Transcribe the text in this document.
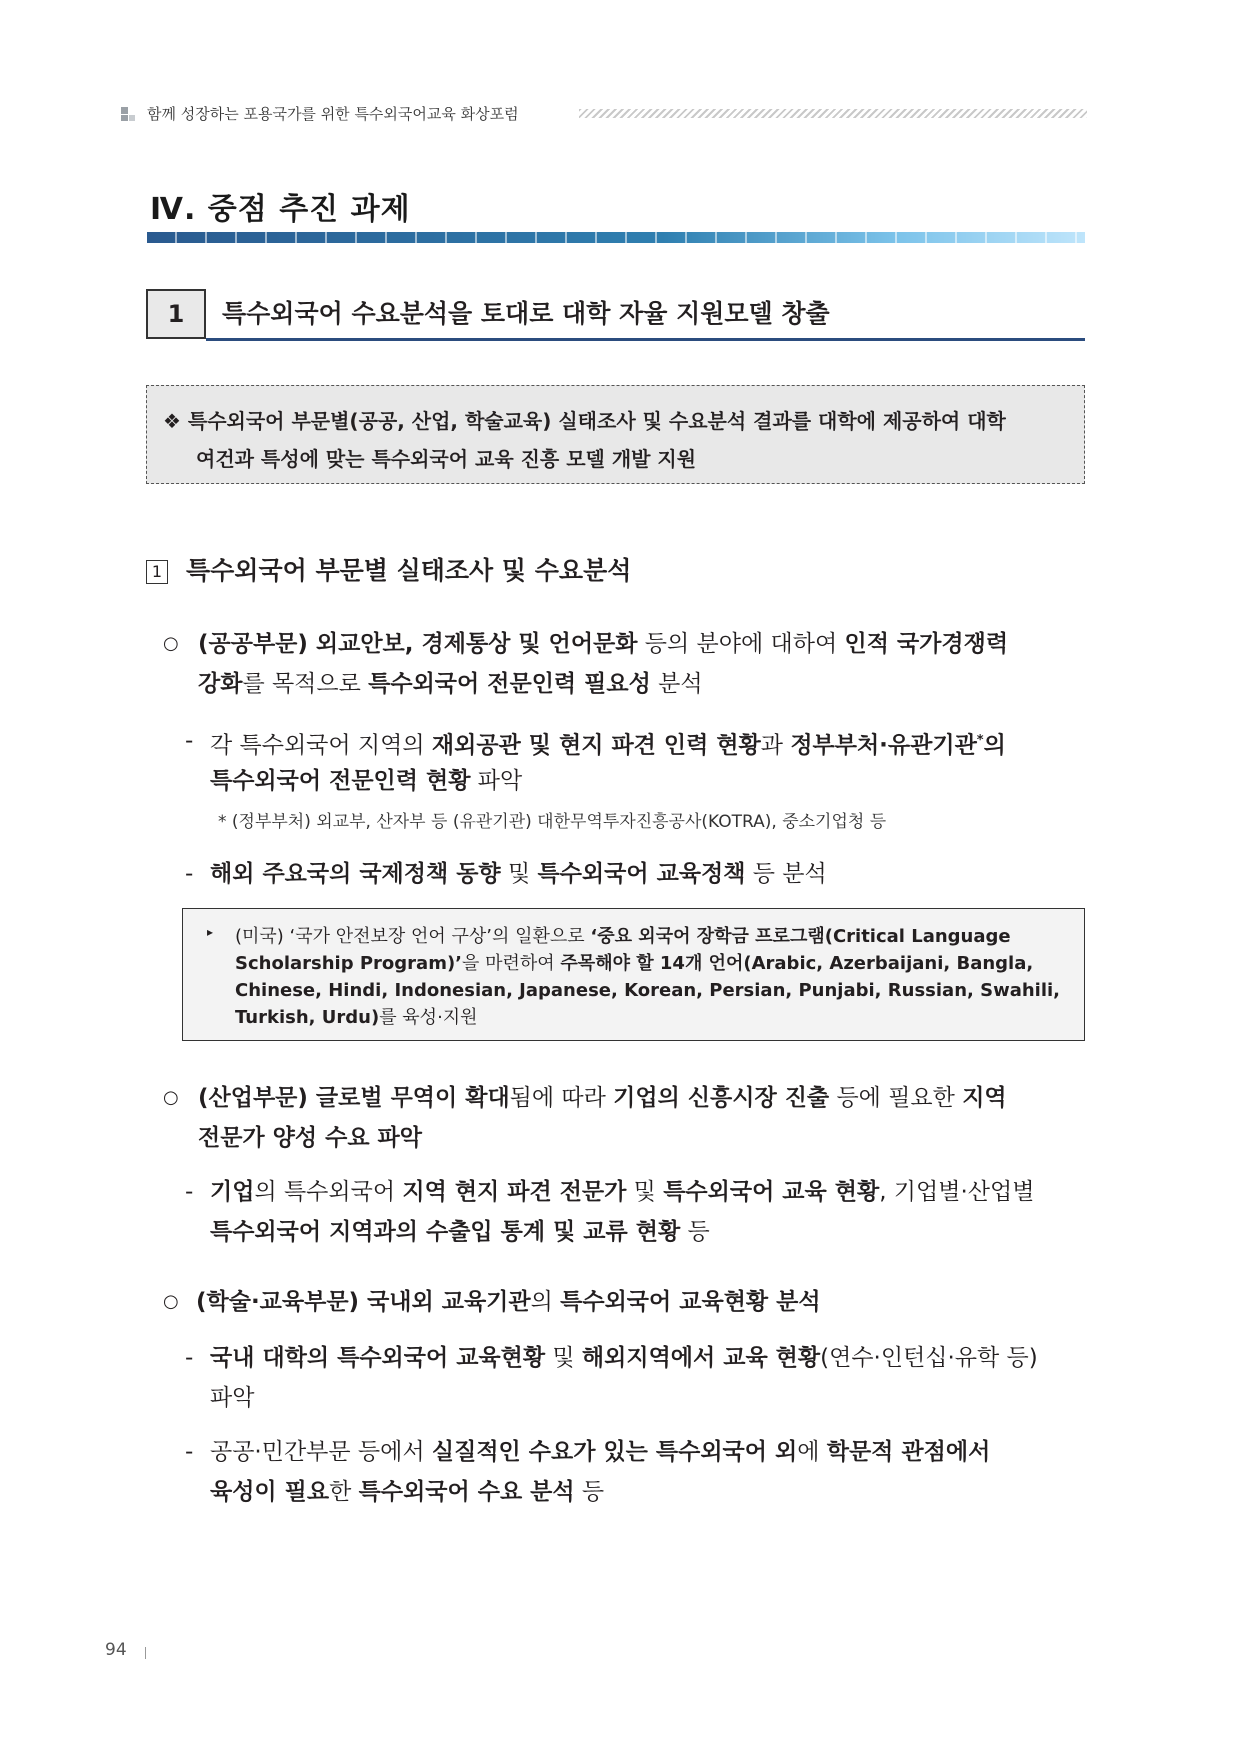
함께 성장하는 포용국가를 위한 특수외국어교육 화상포럼
Ⅳ. 중점 추진 과제
1 특수외국어 수요분석을 토대로 대학 자율 지원모델 창출
❖ 특수외국어 부문별(공공, 산업, 학술교육) 실태조사 및 수요분석 결과를 대학에 제공하여 대학
여건과 특성에 맞는 특수외국어 교육 진흥 모델 개발 지원
1 특수외국어 부문별 실태조사 및 수요분석
○ (공공부문) 외교안보, 경제통상 및 언어문화 등의 분야에 대하여 인적 국가경쟁력
강화를 목적으로 특수외국어 전문인력 필요성 분석
- 각 특수외국어 지역의 재외공관 및 현지 파견 인력 현황과 정부부처·유관기관*의
특수외국어 전문인력 현황 파악
* (정부부처) 외교부, 산자부 등 (유관기관) 대한무역투자진흥공사(KOTRA), 중소기업청 등
- 해외 주요국의 국제정책 동향 및 특수외국어 교육정책 등 분석
▸ (미국) ‘국가 안전보장 언어 구상’의 일환으로 ‘중요 외국어 장학금 프로그램(Critical Language
Scholarship Program)’을 마련하여 주목해야 할 14개 언어(Arabic, Azerbaijani, Bangla,
Chinese, Hindi, Indonesian, Japanese, Korean, Persian, Punjabi, Russian, Swahili,
Turkish, Urdu)를 육성·지원
○ (산업부문) 글로벌 무역이 확대됨에 따라 기업의 신흥시장 진출 등에 필요한 지역
전문가 양성 수요 파악
- 기업의 특수외국어 지역 현지 파견 전문가 및 특수외국어 교육 현황, 기업별·산업별
특수외국어 지역과의 수출입 통계 및 교류 현황 등
○ (학술·교육부문) 국내외 교육기관의 특수외국어 교육현황 분석
- 국내 대학의 특수외국어 교육현황 및 해외지역에서 교육 현황(연수·인턴십·유학 등)
파악
- 공공·민간부문 등에서 실질적인 수요가 있는 특수외국어 외에 학문적 관점에서
육성이 필요한 특수외국어 수요 분석 등
94
